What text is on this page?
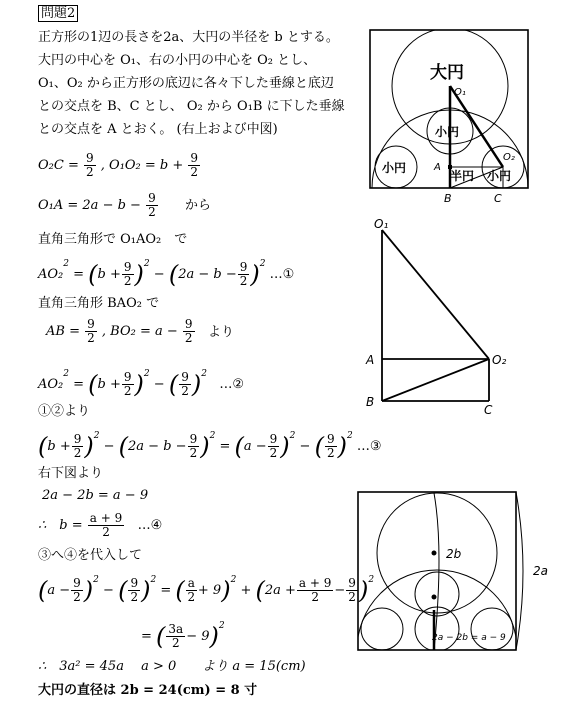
問題2
正方形の1辺の長さを2a、大円の半径を b とする。
大円の中心を O₁、右の小円の中心を O₂ とし、
O₁、O₂ から正方形の底辺に各々下した垂線と底辺
との交点を B、C とし、 O₂ から O₁B に下した垂線
との交点を A とおく。 (右上および中図)
$O_2C = \frac{9}{2}$ , $O_1O_2 = b + \frac{9}{2}$
$O_1A = 2a - b - \frac{9}{2}$ から
直角三角形で O₁AO₂　で
$AO_2^2 = (b + \frac{9}{2} )^2 - (2a - b - \frac{9}{2} )^2$ …①
直角三角形 BAO₂ で
AB = $\frac{9}{2}$ , $BO_2 = a - \frac{9}{2}$ より
$AO_2^2 = (b + \frac{9}{2} )^2$ − ( $\frac{9}{2} )^2$   …②
①②より
$(b + \frac{9}{2} )^2 - (2a - b - \frac{9}{2} )^2 = (a - \frac{9}{2} )^2$ − ( $\frac{9}{2} )^2$ …③
右下図より
2a − 2b = a − 9
∴　$b = \frac{a + 9}{2}$ …④
③へ④を代入して
$(a - \frac{9}{2} )^2$ − ( $\frac{9}{2} )^2$ = ( $\frac{a}{2} + 9)^2 + (2a + \frac{a + 9}{2} - \frac{9}{2} )^2$
= ( $\frac{3a}{2} - 9)^2$
∴　3a² = 45a　 a > 0　　より a = 15(cm)
大円の直径は 2b = 24(cm) = 8 寸
大円
小円
小円
小円
半円
O₁
O₂
A
B	C
O₁
O₂
A
B
C
2b
2a
2a − 2b = a − 9
